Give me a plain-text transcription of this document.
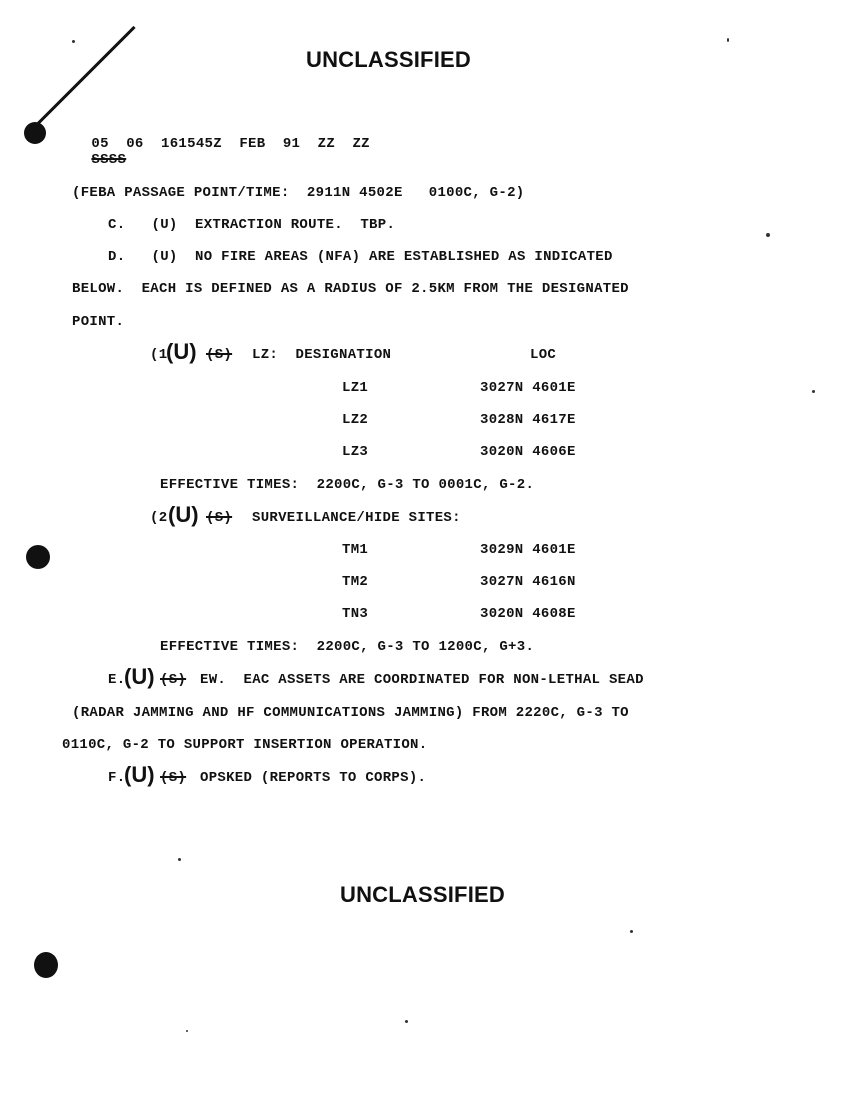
UNCLASSIFIED

05  06  161545Z  FEB  91  ZZ  ZZ
SSSS

(FEBA PASSAGE POINT/TIME:  2911N 4502E   0100C, G-2)
C.   (U)  EXTRACTION ROUTE.  TBP.
D.   (U)  NO FIRE AREAS (NFA) ARE ESTABLISHED AS INDICATED
BELOW.  EACH IS DEFINED AS A RADIUS OF 2.5KM FROM THE DESIGNATED
POINT.
(1
(U) (S) LZ:  DESIGNATION	LOC
LZ1	3027N 4601E
LZ2	3028N 4617E
LZ3	3020N 4606E
EFFECTIVE TIMES:  2200C, G-3 TO 0001C, G-2.
(2 (U) (S) SURVEILLANCE/HIDE SITES:
TM1	3029N 4601E
TM2	3027N 4616N
TN3	3020N 4608E
EFFECTIVE TIMES:  2200C, G-3 TO 1200C, G+3.
E.
(U) (S) EW.  EAC ASSETS ARE COORDINATED FOR NON-LETHAL SEAD
(RADAR JAMMING AND HF COMMUNICATIONS JAMMING) FROM 2220C, G-3 TO
0110C, G-2 TO SUPPORT INSERTION OPERATION.
F.
(U) (S) OPSKED (REPORTS TO CORPS).
UNCLASSIFIED
